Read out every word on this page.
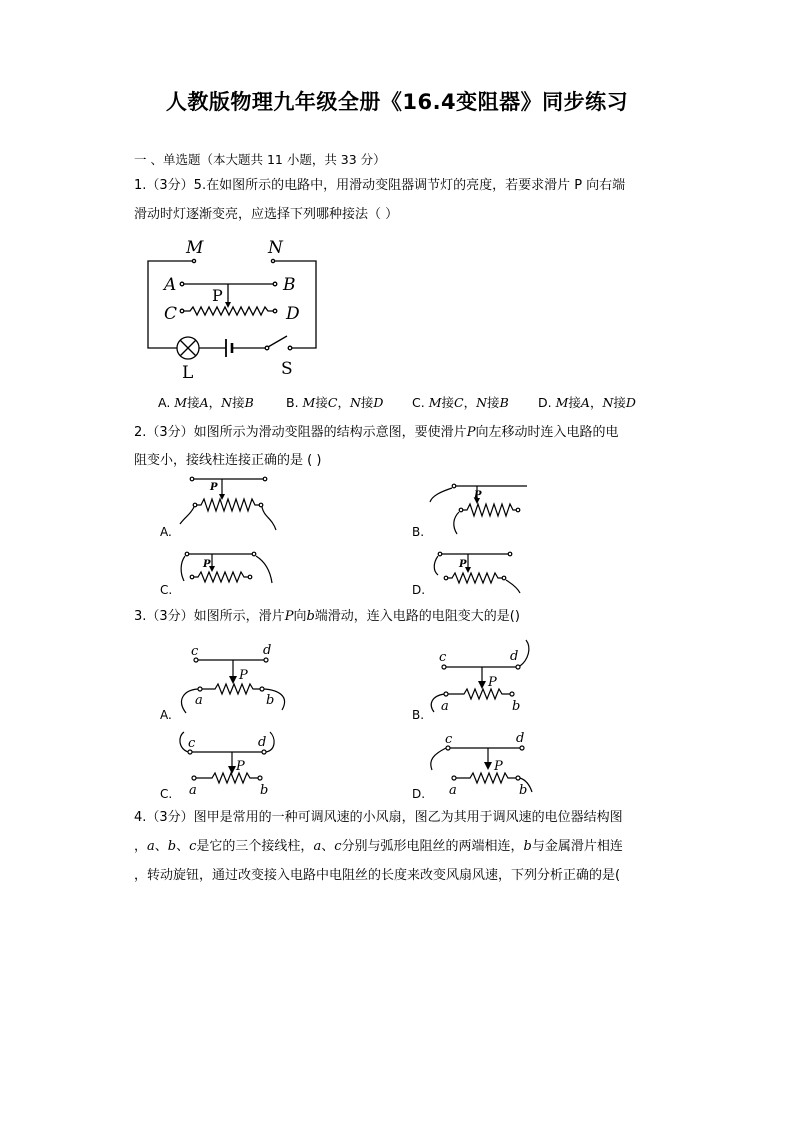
人教版物理九年级全册《16.4变阻器》同步练习
一 、单选题（本大题共 11 小题，共 33 分）
1.（3分）5.在如图所示的电路中，用滑动变阻器调节灯的亮度，若要求滑片 P 向右端
滑动时灯逐渐变亮，应选择下列哪种接法（ ）
M	N
A	B
P
C	D
L	S
A. M接A，N接B	B. M接C，N接D C. M接C，N接B D. M接A，N接D
2.（3分）如图所示为滑动变阻器的结构示意图，要使滑片P向左移动时连入电路的电
阻变小，接线柱连接正确的是 ( )
A.
P
B.
P
C.
P
D.
P
3.（3分）如图所示，滑片P向b端滑动，连入电路的电阻变大的是()
A.
c	d
P
a	b
B.
c	d
P
a	b
C.
c	d
P
a	b	D.
c	d
P
a	b
4.（3分）图甲是常用的一种可调风速的小风扇，图乙为其用于调风速的电位器结构图
，a、b、c是它的三个接线柱，a、c分别与弧形电阻丝的两端相连，b与金属滑片相连
，转动旋钮，通过改变接入电路中电阻丝的长度来改变风扇风速，下列分析正确的是(
